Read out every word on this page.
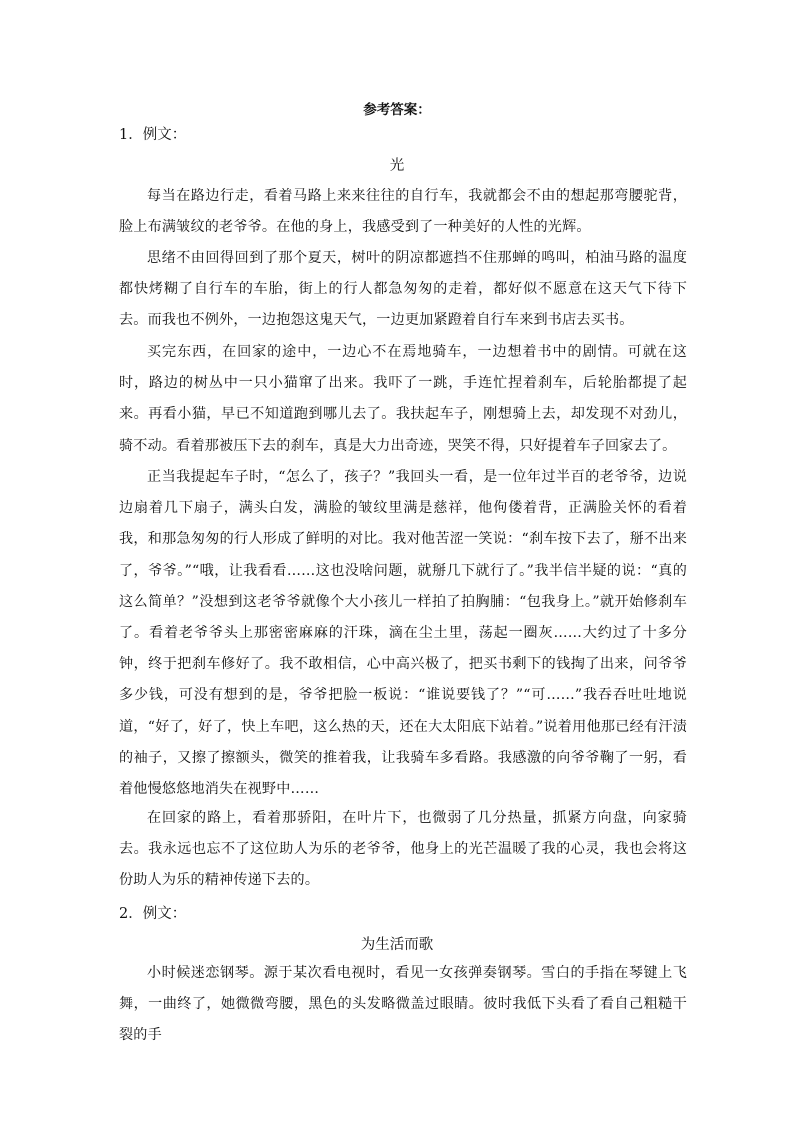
参考答案：
1．例文：
光

每当在路边行走，看着马路上来来往往的自行车，我就都会不由的想起那弯腰驼背，脸上布满皱纹的老爷爷。在他的身上，我感受到了一种美好的人性的光辉。

思绪不由回得回到了那个夏天，树叶的阴凉都遮挡不住那蝉的鸣叫，柏油马路的温度都快烤糊了自行车的车胎，街上的行人都急匆匆的走着，都好似不愿意在这天气下待下去。而我也不例外，一边抱怨这鬼天气，一边更加紧蹬着自行车来到书店去买书。

买完东西，在回家的途中，一边心不在焉地骑车，一边想着书中的剧情。可就在这时，路边的树丛中一只小猫窜了出来。我吓了一跳，手连忙捏着刹车，后轮胎都提了起来。再看小猫，早已不知道跑到哪儿去了。我扶起车子，刚想骑上去，却发现不对劲儿，骑不动。看着那被压下去的刹车，真是大力出奇迹，哭笑不得，只好提着车子回家去了。

正当我提起车子时，“怎么了，孩子？”我回头一看，是一位年过半百的老爷爷，边说边扇着几下扇子，满头白发，满脸的皱纹里满是慈祥，他佝偻着背，正满脸关怀的看着我，和那急匆匆的行人形成了鲜明的对比。我对他苦涩一笑说：“刹车按下去了，掰不出来了，爷爷。”“哦，让我看看……这也没啥问题，就掰几下就行了。”我半信半疑的说：“真的这么简单？”没想到这老爷爷就像个大小孩儿一样拍了拍胸脯：“包我身上。”就开始修刹车了。看着老爷爷头上那密密麻麻的汗珠，滴在尘土里，荡起一圈灰……大约过了十多分钟，终于把刹车修好了。我不敢相信，心中高兴极了，把买书剩下的钱掏了出来，问爷爷多少钱，可没有想到的是，爷爷把脸一板说：“谁说要钱了？”“可……”我吞吞吐吐地说道，“好了，好了，快上车吧，这么热的天，还在大太阳底下站着。”说着用他那已经有汗渍的袖子，又擦了擦额头，微笑的推着我，让我骑车多看路。我感激的向爷爷鞠了一躬，看着他慢悠悠地消失在视野中……

在回家的路上，看着那骄阳，在叶片下，也微弱了几分热量，抓紧方向盘，向家骑去。我永远也忘不了这位助人为乐的老爷爷，他身上的光芒温暖了我的心灵，我也会将这份助人为乐的精神传递下去的。

2．例文：
为生活而歌

小时候迷恋钢琴。源于某次看电视时，看见一女孩弹奏钢琴。雪白的手指在琴键上飞舞，一曲终了，她微微弯腰，黑色的头发略微盖过眼睛。彼时我低下头看了看自己粗糙干裂的手
